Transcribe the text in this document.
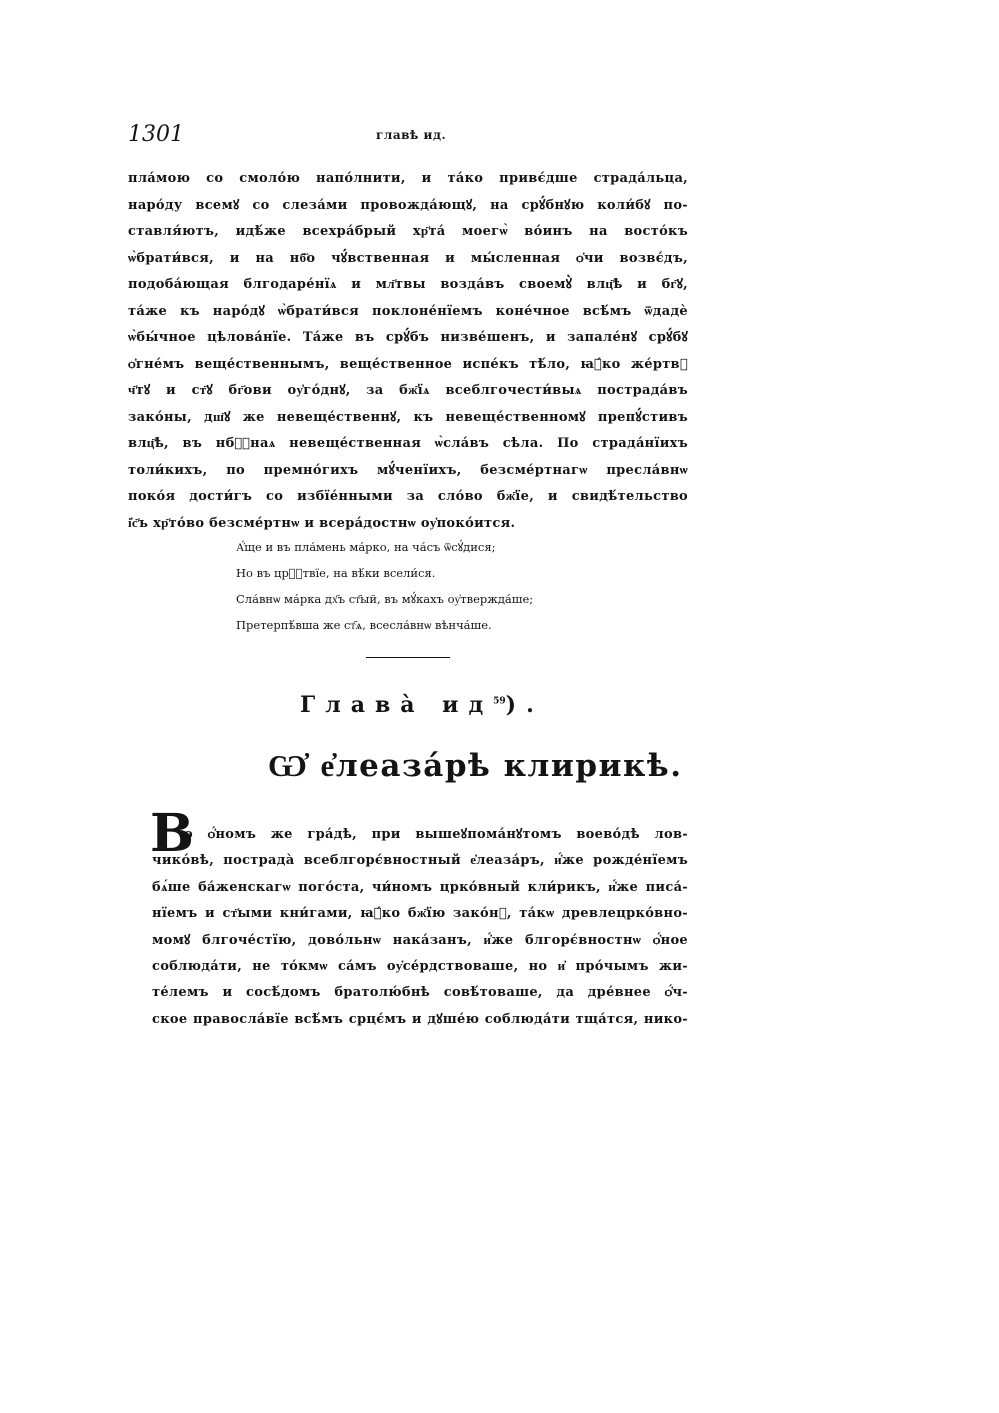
1301	главѣ ид.
пла́мою со смоло́ю напо́лнити, и та́ко привє́дше страда́льца,
наро́ду всемꙋ со слеза́ми провожда́ющꙋ, на срꙋ́бнꙋю коли́бꙋ по-
ставля́ютъ, идѣ́же всехра́брый хр҃та́ моегѡ̀ во́инъ на восто́къ
ѡ̀брати́вся, и на нб҃о чꙋ́вственная и мы́сленная ѻ҆чи возвє́дъ,
подоба́ющая блгодаре́нїѧ и мл҃твы возда́въ своемꙋ̀ влц҃ѣ и бг҃ꙋ,
та́же къ наро́дꙋ ѡ̀брати́вся поклоне́нїемъ коне́чное всѣ́мъ ѿдадѐ
ѡ̀бы́чное цѣлова́нїе. Та́же въ срꙋ́бъ низве́шенъ, и запале́нꙋ срꙋ́бꙋ
ѻ҆гне́мъ веще́ственнымъ, веще́ственное испе́къ тѣ́ло, ꙗ҆́ко же́ртвꙋ
ч҃тꙋ и ст҃ꙋ бг҃ови оу҆го́днꙋ, за бж҃їѧ всеблгочести́выѧ пострада́въ
зако́ны, дш҃ꙋ же невеще́ственнꙋ, къ невеще́ственномꙋ препꙋ́стивъ
влц҃ѣ, въ нбⷭ҇наѧ невеще́ственная ѡ̀сла́въ сѣла. По страда́нїихъ
толи́кихъ, по премно́гихъ мꙋ́ченїихъ, безсме́ртнагѡ пресла́внѡ
поко́я дости́гъ со избїе́нными за сло́во бж҃їе, и свидѣ́тельство
і҆с҃ъ хр҃то́во безсме́ртнѡ и всера́достнѡ оу҆поко́ится.
А҆́ще и въ пла́мень ма́рко, на ча́съ ѿсꙋ́дися;
Но въ црⷭ҇твїе, на вѣ́ки всели́ся.
Сла́внѡ ма́рка дх҃ъ ст҃ый, въ мꙋ́кахъ оу҆твержда́ше;
Претерпѣ́вша же ст҃ѧ, всесла́внѡ вѣнча́ше.
Глава̀ $ид^{59}$).
Ѡ҆ е҆леаза́рѣ клирикѣ.
В
о ѻ҆́номъ же гра́дѣ, при вышеꙋпома́нꙋтомъ воево́дѣ лов-
чико́вѣ, пострада̀ всеблгорє́вностный е҆леаза́ръ, и҆́же рожде́нїемъ
бѧ́ше ба́женскагѡ пого́ста, чи́номъ црко́вный кли́рикъ, и҆́же писа́-
нїемъ и ст҃ыми кни́гами, ꙗ҆́ко бж҃їю зако́нꙋ, та́кѡ древлецрко́вно-
момꙋ блгоче́стїю, дово́льнѡ нака́занъ, и҆́же блгорє́вностнѡ ѻ҆́ное
соблюда́ти, не то́кмѡ са́мъ оу҆се́рдствоваше, но и҆ про́чымъ жи-
те́лемъ и сосѣ́домъ братолю́бнѣ совѣ́товаше, да дре́внее ѻ҆́ч-
ское правосла́вїе всѣ́мъ срцє́мъ и дꙋше́ю соблюда́ти тща́тся, нико-
